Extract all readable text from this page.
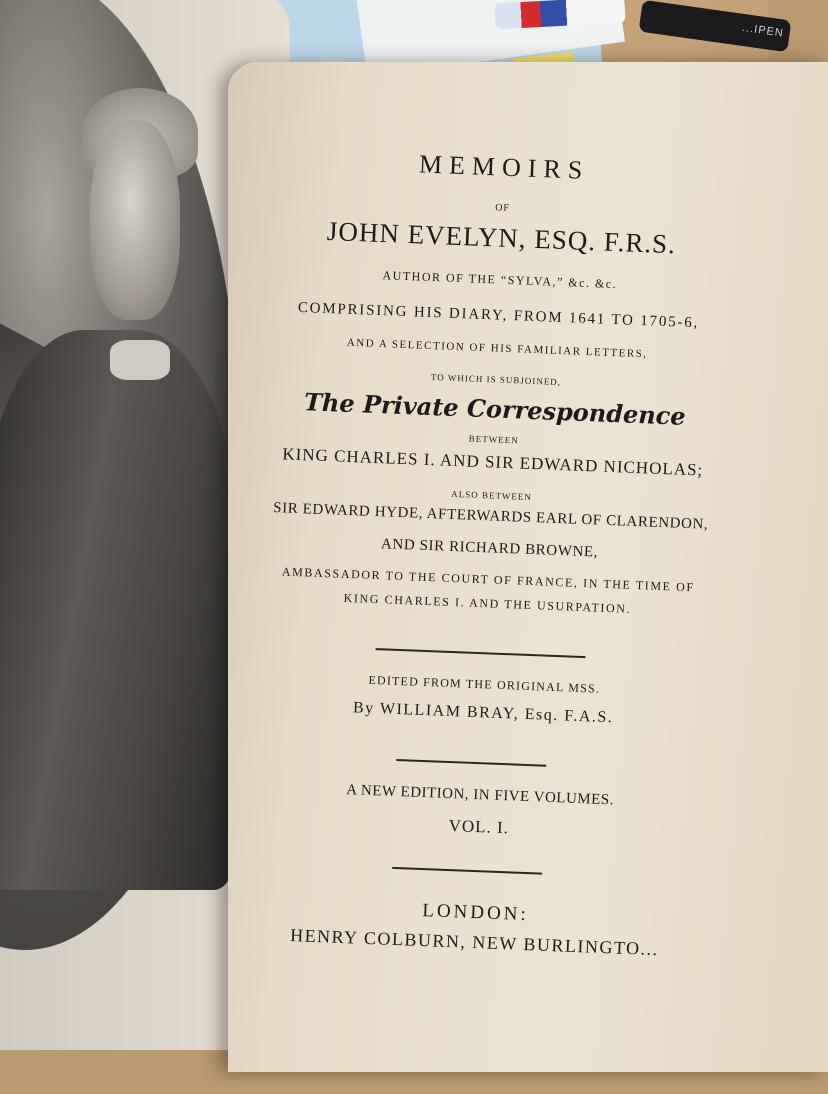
...IPEN
MEMOIRS
OF
JOHN EVELYN, ESQ. F.R.S.
AUTHOR OF THE “SYLVA,” &c. &c.
COMPRISING HIS DIARY, FROM 1641 TO 1705-6,
AND A SELECTION OF HIS FAMILIAR LETTERS,
TO WHICH IS SUBJOINED,
The Private Correspondence
BETWEEN
KING CHARLES I. AND SIR EDWARD NICHOLAS;
ALSO BETWEEN
SIR EDWARD HYDE, AFTERWARDS EARL OF CLARENDON,
AND SIR RICHARD BROWNE,
AMBASSADOR TO THE COURT OF FRANCE, IN THE TIME OF
KING CHARLES I. AND THE USURPATION.
EDITED FROM THE ORIGINAL MSS.
By WILLIAM BRAY, Esq. F.A.S.
A NEW EDITION, IN FIVE VOLUMES.
VOL. I.
LONDON:
HENRY COLBURN, NEW BURLINGTO...
